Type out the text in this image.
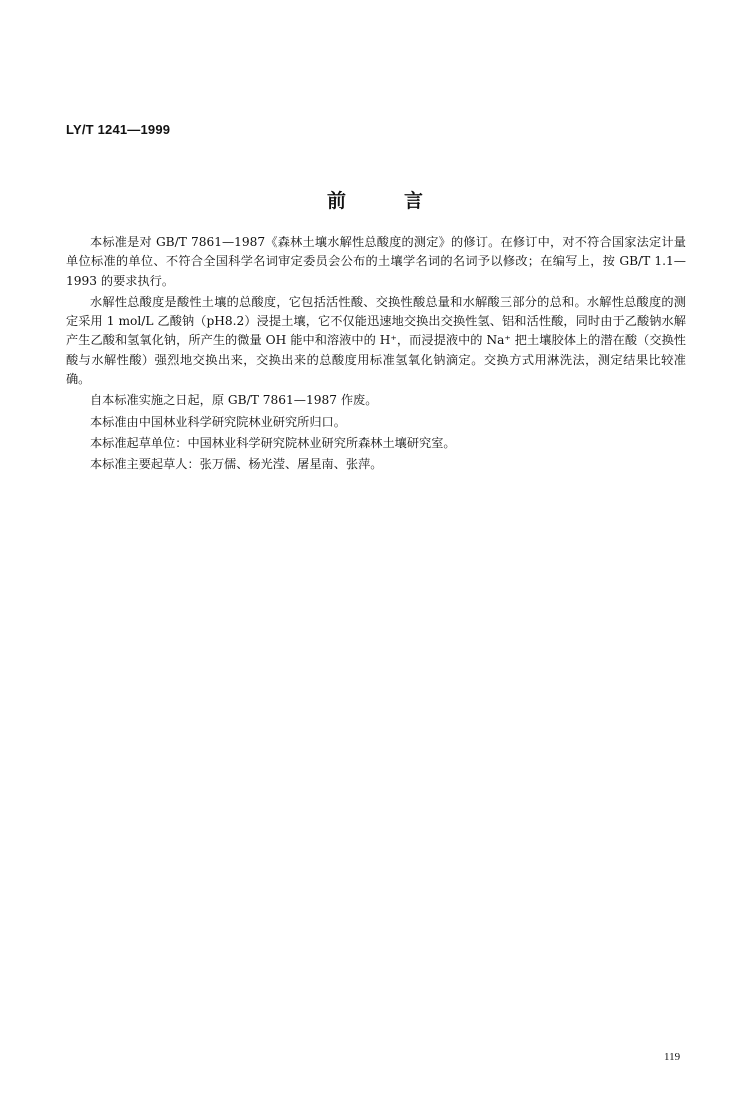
LY/T 1241—1999
前言

本标准是对 GB/T 7861—1987《森林土壤水解性总酸度的测定》的修订。在修订中，对不符合国家法定计量单位标准的单位、不符合全国科学名词审定委员会公布的土壤学名词的名词予以修改；在编写上，按 GB/T 1.1—1993 的要求执行。

水解性总酸度是酸性土壤的总酸度，它包括活性酸、交换性酸总量和水解酸三部分的总和。水解性总酸度的测定采用 1 mol/L 乙酸钠（pH8.2）浸提土壤，它不仅能迅速地交换出交换性氢、铝和活性酸，同时由于乙酸钠水解产生乙酸和氢氧化钠，所产生的微量 OH 能中和溶液中的 H⁺，而浸提液中的 Na⁺ 把土壤胶体上的潜在酸（交换性酸与水解性酸）强烈地交换出来，交换出来的总酸度用标准氢氧化钠滴定。交换方式用淋洗法，测定结果比较准确。

自本标准实施之日起，原 GB/T 7861—1987 作废。

本标准由中国林业科学研究院林业研究所归口。

本标准起草单位：中国林业科学研究院林业研究所森林土壤研究室。

本标准主要起草人：张万儒、杨光滢、屠星南、张萍。

119
